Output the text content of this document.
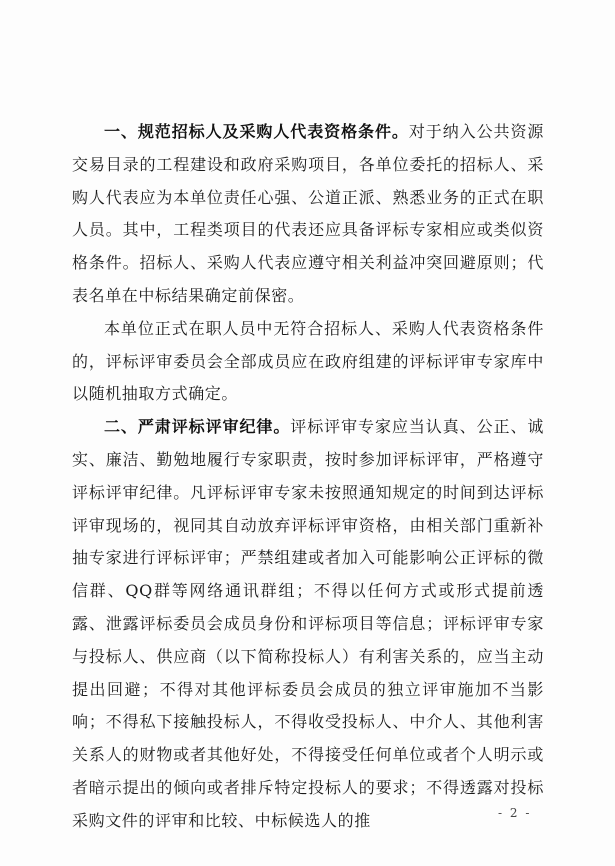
一、规范招标人及采购人代表资格条件。对于纳入公共资源交易目录的工程建设和政府采购项目，各单位委托的招标人、采购人代表应为本单位责任心强、公道正派、熟悉业务的正式在职人员。其中，工程类项目的代表还应具备评标专家相应或类似资格条件。招标人、采购人代表应遵守相关利益冲突回避原则；代表名单在中标结果确定前保密。

本单位正式在职人员中无符合招标人、采购人代表资格条件的，评标评审委员会全部成员应在政府组建的评标评审专家库中以随机抽取方式确定。

二、严肃评标评审纪律。评标评审专家应当认真、公正、诚实、廉洁、勤勉地履行专家职责，按时参加评标评审，严格遵守评标评审纪律。凡评标评审专家未按照通知规定的时间到达评标评审现场的，视同其自动放弃评标评审资格，由相关部门重新补抽专家进行评标评审；严禁组建或者加入可能影响公正评标的微信群、QQ群等网络通讯群组；不得以任何方式或形式提前透露、泄露评标委员会成员身份和评标项目等信息；评标评审专家与投标人、供应商（以下简称投标人）有利害关系的，应当主动提出回避；不得对其他评标委员会成员的独立评审施加不当影响；不得私下接触投标人，不得收受投标人、中介人、其他利害关系人的财物或者其他好处，不得接受任何单位或者个人明示或者暗示提出的倾向或者排斥特定投标人的要求；不得透露对投标采购文件的评审和比较、中标候选人的推	- 2 -
